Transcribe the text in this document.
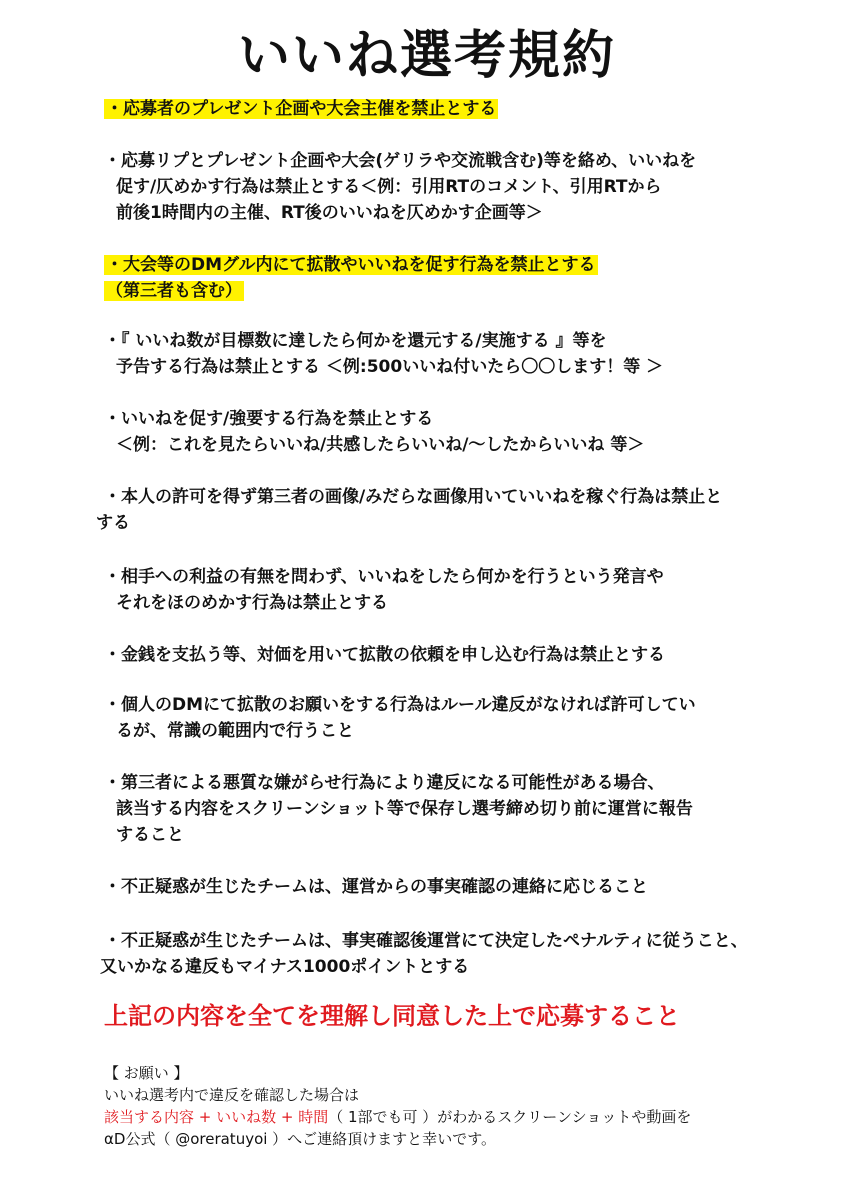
いいね選考規約
・応募者のプレゼント企画や大会主催を禁止とする
・応募リプとプレゼント企画や大会(ゲリラや交流戦含む)等を絡め、いいねを
促す/仄めかす行為は禁止とする＜例：引用RTのコメント、引用RTから
前後1時間内の主催、RT後のいいねを仄めかす企画等＞
・大会等のDMグル内にて拡散やいいねを促す行為を禁止とする
（第三者も含む）
・『 いいね数が目標数に達したら何かを還元する/実施する 』等を
予告する行為は禁止とする ＜例:500いいね付いたら〇〇します！等 ＞
・いいねを促す/強要する行為を禁止とする
＜例：これを見たらいいね/共感したらいいね/〜したからいいね 等＞
・本人の許可を得ず第三者の画像/みだらな画像用いていいねを稼ぐ行為は禁止と
する
・相手への利益の有無を問わず、いいねをしたら何かを行うという発言や
それをほのめかす行為は禁止とする
・金銭を支払う等、対価を用いて拡散の依頼を申し込む行為は禁止とする
・個人のDMにて拡散のお願いをする行為はルール違反がなければ許可してい
るが、常識の範囲内で行うこと
・第三者による悪質な嫌がらせ行為により違反になる可能性がある場合、
該当する内容をスクリーンショット等で保存し選考締め切り前に運営に報告
すること
・不正疑惑が生じたチームは、運営からの事実確認の連絡に応じること
・不正疑惑が生じたチームは、事実確認後運営にて決定したペナルティに従うこと、
又いかなる違反もマイナス1000ポイントとする
上記の内容を全てを理解し同意した上で応募すること
【 お願い 】
いいね選考内で違反を確認した場合は
該当する内容 + いいね数 + 時間（ 1部でも可 ）がわかるスクリーンショットや動画を
αD公式（ @oreratuyoi ）へご連絡頂けますと幸いです。
